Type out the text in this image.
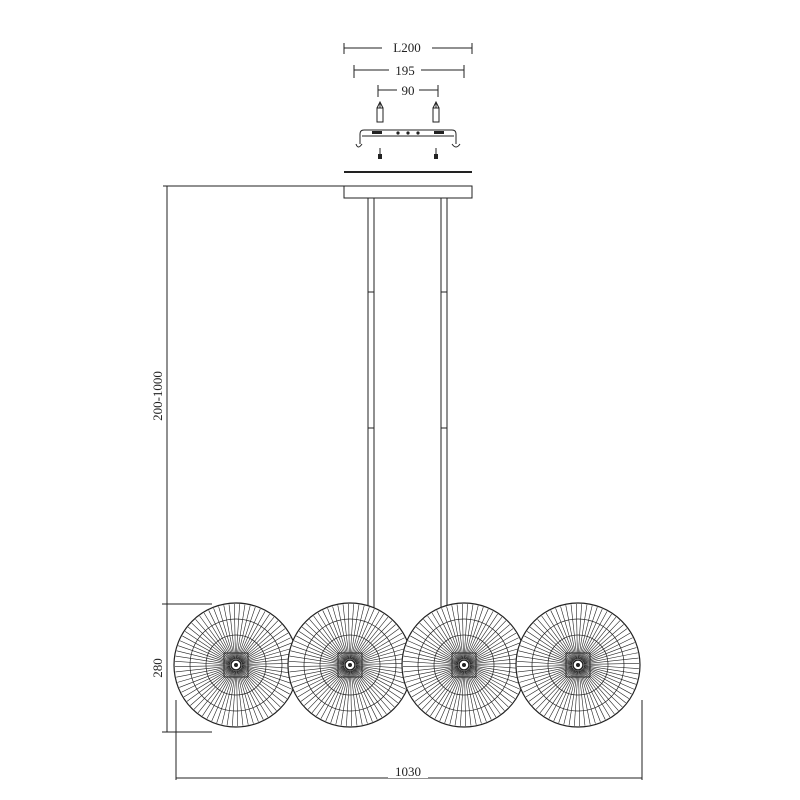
L200
195
90
200-1000
280
1030
